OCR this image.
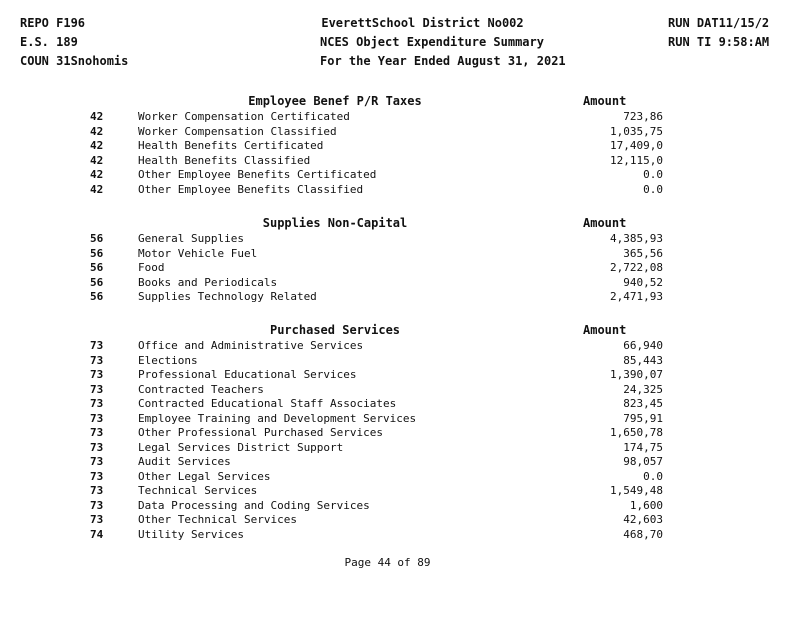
REPO F196
E.S. 189
COUN 31Snohomis
EverettSchool District No002
NCES Object Expenditure Summary
For the Year Ended August 31, 2021
RUN DAT11/15/2
RUN TI 9:58:AM
Employee Benef P/R Taxes	Amount
42	Worker Compensation Certificated	723,86
42	Worker Compensation Classified	1,035,75
42	Health Benefits Certificated	17,409,0
42	Health Benefits Classified	12,115,0
42	Other Employee Benefits Certificated	0.0
42	Other Employee Benefits Classified	0.0
Supplies Non-Capital	Amount
56	General Supplies	4,385,93
56	Motor Vehicle Fuel	365,56
56	Food	2,722,08
56	Books and Periodicals	940,52
56	Supplies Technology Related	2,471,93
Purchased Services	Amount
73	Office and Administrative Services	66,940
73	Elections	85,443
73	Professional Educational Services	1,390,07
73	Contracted Teachers	24,325
73	Contracted Educational Staff Associates	823,45
73	Employee Training and Development Services	795,91
73	Other Professional Purchased Services	1,650,78
73	Legal Services District Support	174,75
73	Audit Services	98,057
73	Other Legal Services	0.0
73	Technical Services	1,549,48
73	Data Processing and Coding Services	1,600
73	Other Technical Services	42,603
74	Utility Services	468,70
Page 44 of 89
